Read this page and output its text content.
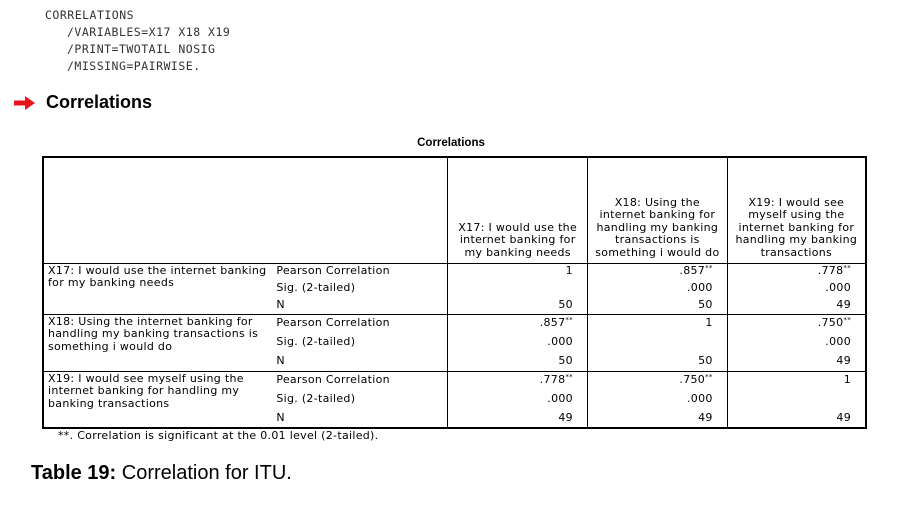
CORRELATIONS
/VARIABLES=X17 X18 X19
/PRINT=TWOTAIL NOSIG
/MISSING=PAIRWISE.
Correlations
Correlations
		X17: I would use the internet banking for my banking needs	X18: Using the internet banking for handling my banking transactions is something i would do	X19: I would see myself using the internet banking for handling my banking transactions
X17: I would use the internet banking for my banking needs	Pearson Correlation	1	.857**	.778**
	Sig. (2-tailed)		.000	.000
	N	50	50	49
X18: Using the internet banking for handling my banking transactions is something i would do	Pearson Correlation	.857**	1	.750**
	Sig. (2-tailed)	.000		.000
	N	50	50	49
X19: I would see myself using the internet banking for handling my banking transactions	Pearson Correlation	.778**	.750**	1
	Sig. (2-tailed)	.000	.000	
	N	49	49	49
**. Correlation is significant at the 0.01 level (2-tailed).
Table 19: Correlation for ITU.
